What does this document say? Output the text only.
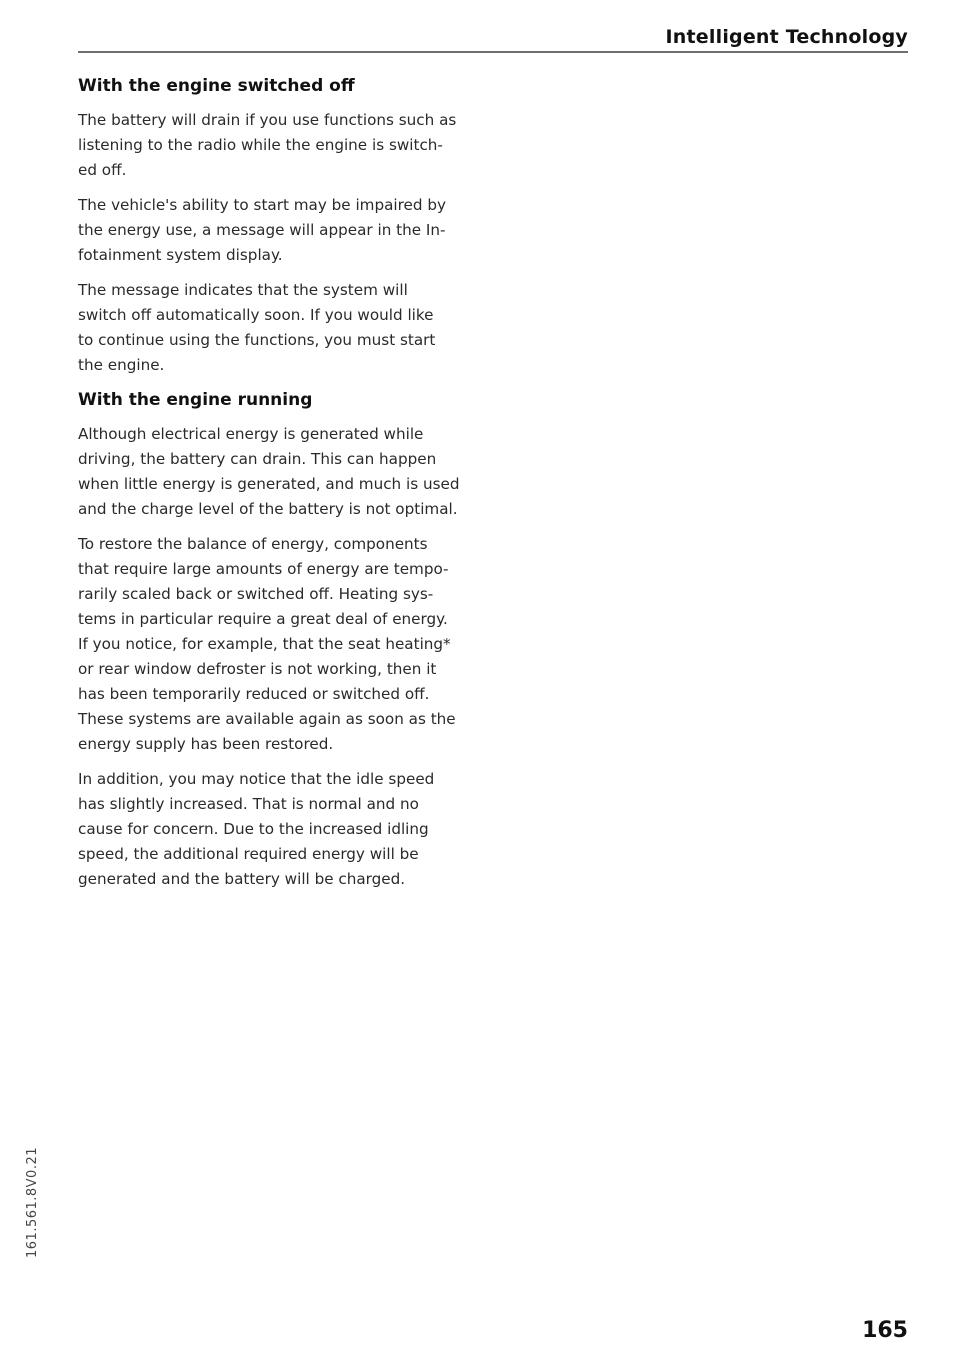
Intelligent Technology
With the engine switched off

The battery will drain if you use functions such as
listening to the radio while the engine is switch-
ed off.

The vehicle's ability to start may be impaired by
the energy use, a message will appear in the In-
fotainment system display.

The message indicates that the system will
switch off automatically soon. If you would like
to continue using the functions, you must start
the engine.

With the engine running

Although electrical energy is generated while
driving, the battery can drain. This can happen
when little energy is generated, and much is used
and the charge level of the battery is not optimal.

To restore the balance of energy, components
that require large amounts of energy are tempo-
rarily scaled back or switched off. Heating sys-
tems in particular require a great deal of energy.
If you notice, for example, that the seat heating*
or rear window defroster is not working, then it
has been temporarily reduced or switched off.
These systems are available again as soon as the
energy supply has been restored.

In addition, you may notice that the idle speed
has slightly increased. That is normal and no
cause for concern. Due to the increased idling
speed, the additional required energy will be
generated and the battery will be charged.

161.561.8V0.21
165
